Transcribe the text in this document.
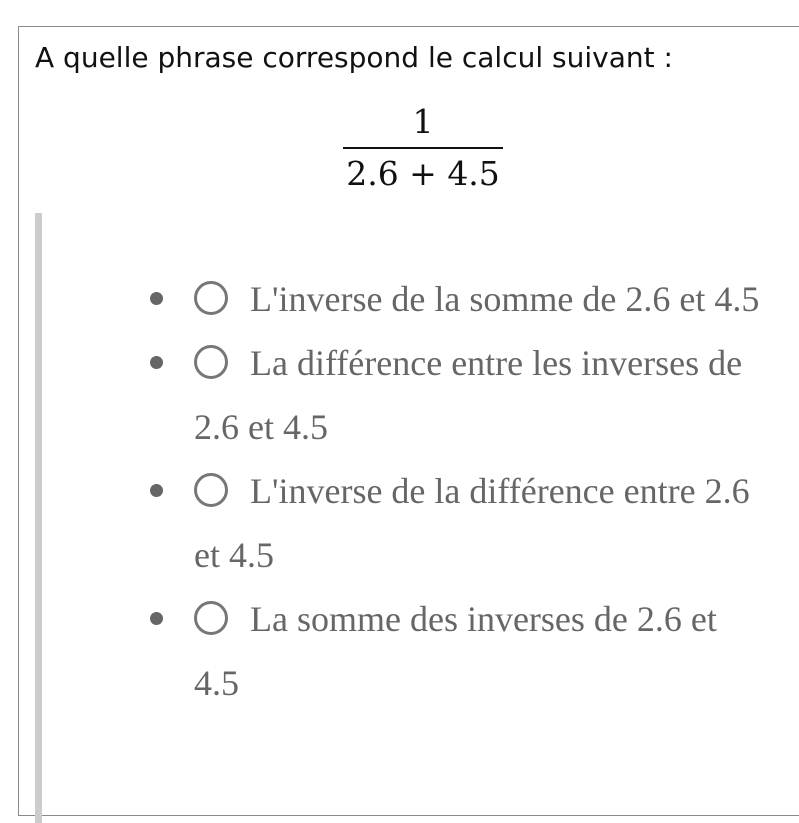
A quelle phrase correspond le calcul suivant :

1
2.6 + 4.5
L'inverse de la somme de 2.6 et 4.5
La différence entre les inverses de 2.6 et 4.5
L'inverse de la différence entre 2.6 et 4.5
La somme des inverses de 2.6 et 4.5
